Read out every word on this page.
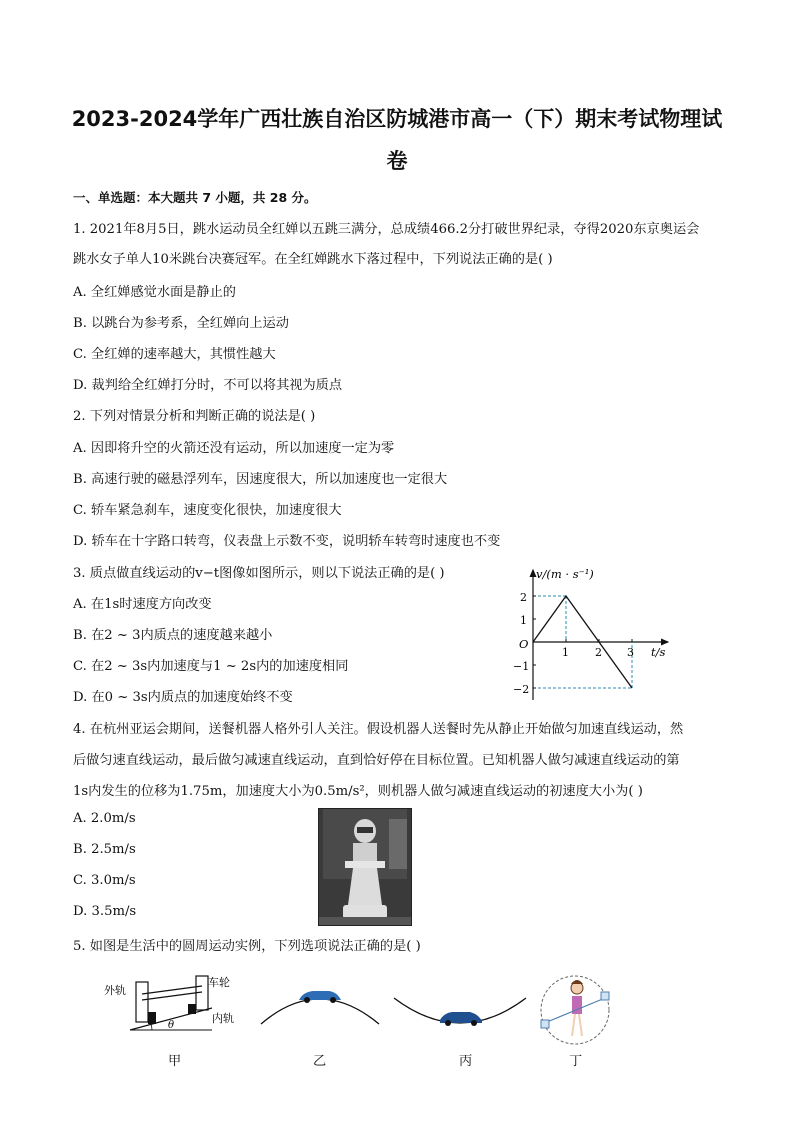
2023-2024学年广西壮族自治区防城港市高一（下）期末考试物理试
卷
一、单选题：本大题共 7 小题，共 28 分。
1. 2021年8月5日，跳水运动员全红婵以五跳三满分，总成绩466.2分打破世界纪录，夺得2020东京奥运会
跳水女子单人10米跳台决赛冠军。在全红婵跳水下落过程中，下列说法正确的是( )
A. 全红婵感觉水面是静止的
B. 以跳台为参考系，全红婵向上运动
C. 全红婵的速率越大，其惯性越大
D. 裁判给全红婵打分时，不可以将其视为质点
2. 下列对情景分析和判断正确的说法是( )
A. 因即将升空的火箭还没有运动，所以加速度一定为零
B. 高速行驶的磁悬浮列车，因速度很大，所以加速度也一定很大
C. 轿车紧急刹车，速度变化很快，加速度很大
D. 轿车在十字路口转弯，仪表盘上示数不变，说明轿车转弯时速度也不变
3. 质点做直线运动的v−t图像如图所示，则以下说法正确的是( )
A. 在1s时速度方向改变
B. 在2 ~ 3内质点的速度越来越小
C. 在2 ~ 3s内加速度与1 ~ 2s内的加速度相同
D. 在0 ~ 3s内质点的加速度始终不变
v/(m · s⁻¹)
t/s
O
2
1
−1
−2
1 2 3
4. 在杭州亚运会期间，送餐机器人格外引人关注。假设机器人送餐时先从静止开始做匀加速直线运动，然
后做匀速直线运动，最后做匀减速直线运动，直到恰好停在目标位置。已知机器人做匀减速直线运动的第
1s内发生的位移为1.75m，加速度大小为0.5m/s²，则机器人做匀减速直线运动的初速度大小为( )
A. 2.0m/s
B. 2.5m/s
C. 3.0m/s
D. 3.5m/s
5. 如图是生活中的圆周运动实例，下列选项说法正确的是( )
外轨
车轮
内轨
θ
甲	乙	丙	丁
